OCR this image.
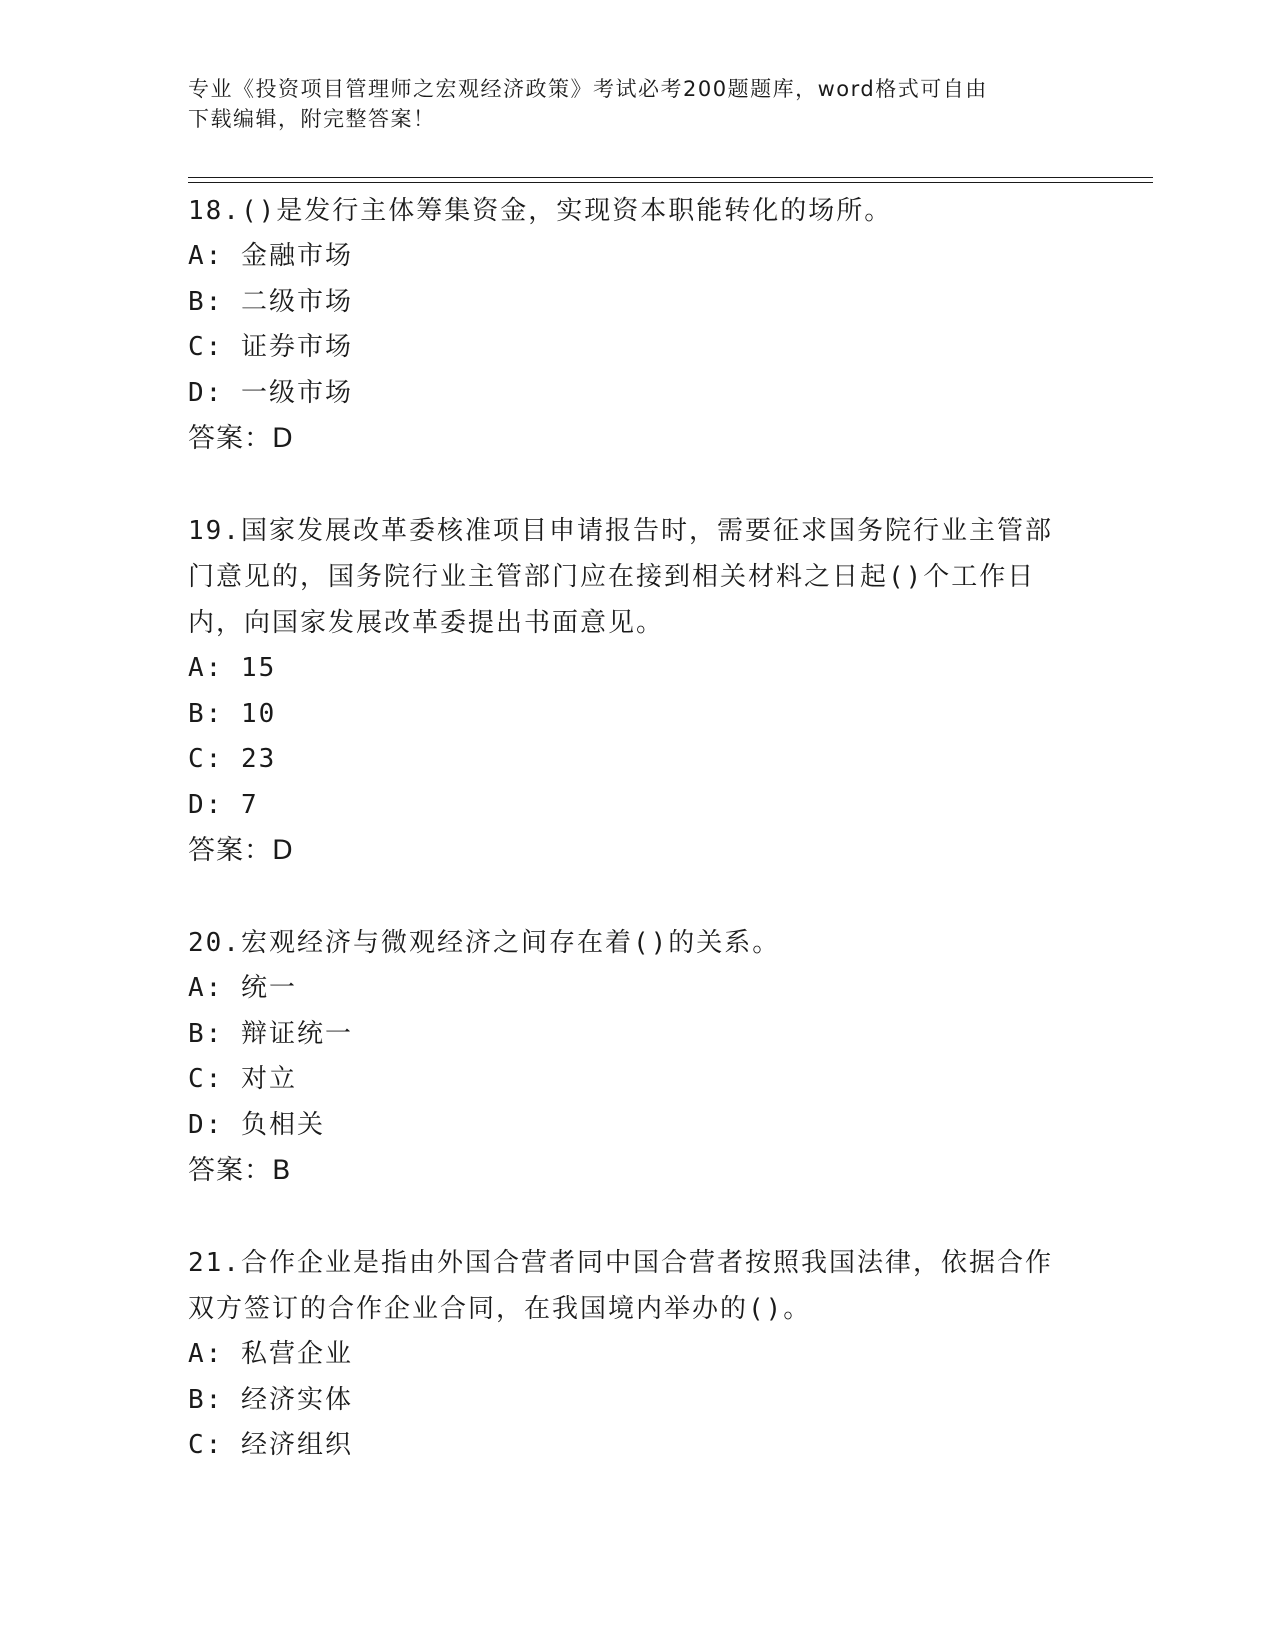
专业《投资项目管理师之宏观经济政策》考试必考200题题库，word格式可自由
下载编辑，附完整答案！
18.()是发行主体筹集资金，实现资本职能转化的场所。
A: 金融市场
B: 二级市场
C: 证券市场
D: 一级市场
答案：D
19.国家发展改革委核准项目申请报告时，需要征求国务院行业主管部
门意见的，国务院行业主管部门应在接到相关材料之日起()个工作日
内，向国家发展改革委提出书面意见。
A: 15
B: 10
C: 23
D: 7
答案：D
20.宏观经济与微观经济之间存在着()的关系。
A: 统一
B: 辩证统一
C: 对立
D: 负相关
答案：B
21.合作企业是指由外国合营者同中国合营者按照我国法律，依据合作
双方签订的合作企业合同，在我国境内举办的()。
A: 私营企业
B: 经济实体
C: 经济组织
